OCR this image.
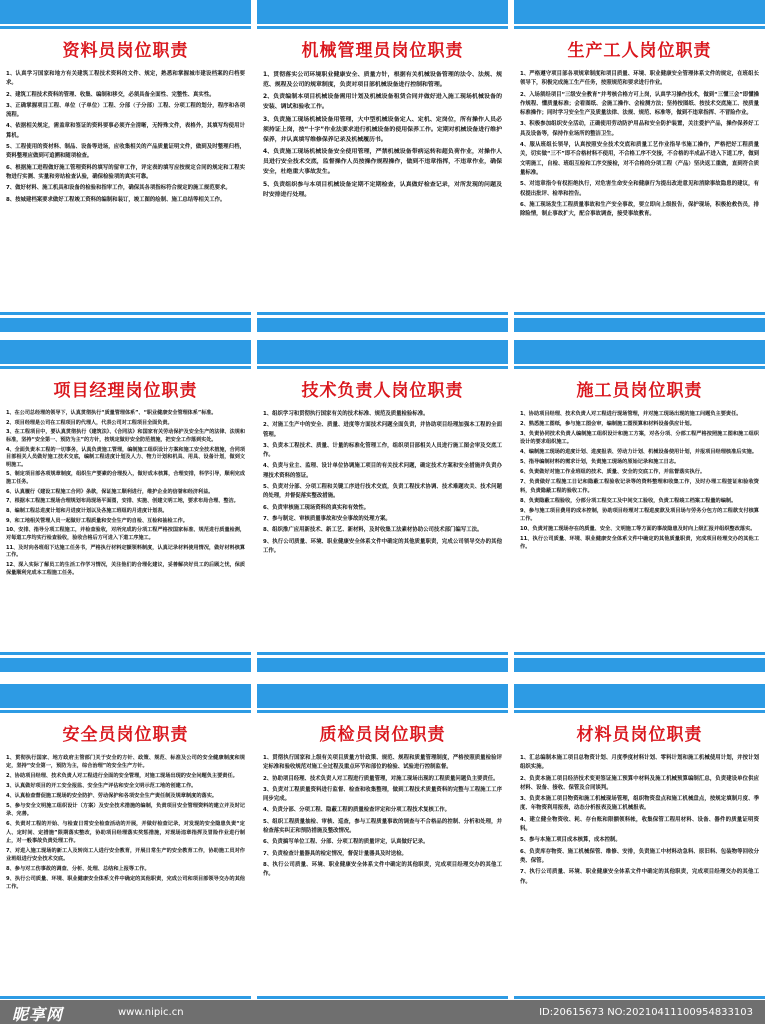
资料员岗位职责
1、认真学习国家和地方有关建筑工程技术资料的文件、规定，熟悉和掌握城市建设档案的归档要求。
2、建筑工程技术资料的管理、收集、编制和移交，必须具备全面性、完整性、真实性。
3、正确掌握项目工程、单位（子单位）工程、分部（子分部）工程、分项工程的划分，程序和各项流程。
4、依据相关规定，需盖章和签证的资料要事必须齐全清晰，无特殊文件，表格外，其填写均使用计算机。
5、工程使用的资材料、制品、设备等进场，应收集相关的产品质量证明文件，做到及时整理归档，资料整理应做到可追溯和随项检查。
6、根据施工进程做好施工管理资料的填写的留审工作，评定表的填写应按规定合同的规定和工程实物进行实测、实量和旁站检查认验，确保检验项的真实可靠。
7、做好材料、施工机具和设备的检验和指审工作，确保其各项指标符合规定的施工规范要求。
8、按城建档案要求做好工程竣工资料的编制和装订，竣工图的绘制、施工总结等相关工作。
机械管理员岗位职责
1、贯彻落实公司环境职业健康安全、质量方针，根据有关机械设备管理的法令、法规、规范、规程及公司的规章制度，负责对项目部机械设备进行控制和管理。
2、负责编制本项目机械设备需用计划及机械设备租赁合同并做好进入施工现场机械设备的安装、调试和验收工作。
3、负责施工现场机械设备用管理，大中型机械设备定人、定机、定岗位，所有操作人员必须持证上岗，按“十字”作业法要求进行机械设备的使用保养工作。定期对机械设备进行维护保养，并认真填写维修保养记录及机械履历书。
4、负责施工现场机械设备安全使用管理，严禁机械设备带病运转和超负荷作业，对操作人员进行安全技术交底，监督操作人员按操作规程操作，做到不违章指挥，不违章作业，确保安全，杜绝重大事故发生。
5、负责组织参与本项目机械设备定期不定期检查，认真做好检查记录，对所发现的问题及时安排进行处理。
生产工人岗位职责
1、严格遵守项目部各项规章制度和项目质量、环境、职业健康安全管理体系文件的规定，在班组长领导下，积极完成施工生产任务，按照规范和要求进行作业。
2、入场须经项目“三级安全教育”并考核合格方可上岗，认真学习操作技术，做到“三懂三会”即懂操作规程、懂质量标准；会看图纸、会施工操作、会检测方法；坚持按图纸、按技术交底施工、按质量标准操作；同时学习安全生产及质量法律、法规、规范、标准等，做到不违章指挥、不冒险作业。
3、积极参加组织安全活动，正确使用劳动防护用品和安全防护装置，关注爱护产品，操作保养好工具及设备等，保持作业场所的整洁卫生。
4、服从班组长领导，认真按照安全技术交底和质量工艺作业指导书施工操作，严格把好工程质量关，切实做“三不”即不合格材料不使用，不合格工序不交接，不合格的半成品不进入下道工序，做到文明施工，自检、班组互检和工序交接检，对不合格的分项工程（产品）坚决返工重做，直到符合质量标准。
5、对违章指令有权拒绝执行，对危害生命安全和健康行为提出改进意见和消除事故隐患的建议，有权提出批评、检举和控告。
6、施工现场发生工程质量事故和生产安全事故，要立即向上级报告，保护现场，积极抢救伤员，排除险情，制止事故扩大，配合事故调查，接受事故教育。
项目经理岗位职责
1、在公司总经理的领导下，认真贯彻执行“质量管理体系”、“职业健康安全管理体系”标准。
2、项目经理是公司在工程项目的代理人，代表公司对工程项目全面负责。
3、在工程项目中，要认真贯彻执行《建筑法》、《合同法》和国家有关劳动保护及安全生产的法律、法规和标准，坚持“安全第一、预防为主”的方针，按规定做好安全防范措施，把安全工作落到实处。
4、全面负责本工程的一切事务，认真负责施工管理，编制施工组织设计方案和施工安全技术措施，合同项目部相关人员做好施工技术交底，编制工程进度计划及人力、物力计划和机具、用具、设备计划，做到文明施工。
5、制定项目部各项规章制度，组织生产要素的合理投入，做好成本核算，合理安排，科学引导，顺利完成施工任务。
6、认真履行《建设工程施工合同》条款，保证施工顺利进行，维护企业的信誉和经济利益。
7、根据本工程施工现场合理规划布局现场平面图，安排、实施、创建文明工地，要求布局合理、整洁。
8、编制工程总进度计划和月进度计划以及各施工班组的月进度计划表。
9、和工地相关管理人员一起做好工程质量和安全生产的自检、互检和抽检工作。
10、安排、指导分项工程施工，并检查验收，对所完成的分项工程严格按国家标准、规范进行质量检测，对每道工序均实行检查验收，验收合格后方可进入下道工序施工。
11、及时向各班组下达施工任务书，严格执行材料定额领料制度，认真记录材料使用情况，做好材料核算工作。
12、深入实际了解员工的生活工作学习情况，关注他们的合理化建议，妥善解决好员工的后顾之忧，保质保量顺利完成本工程施工任务。
技术负责人岗位职责
1、组织学习和贯彻执行国家有关的技术标准、规范及质量检验标准。
2、对施工生产中的安全、质量、进度等方面技术问题全面负责，并协助项目经理加强本工程的全面管理。
3、负责本工程技术、质量、计量的标准化管理工作，组织项目部相关人员进行施工图会审及交底工作。
4、负责与业主、监理、设计单位协调施工项目的有关技术问题，确定技术方案和安全措施并负责办理技术资料的签证。
5、负责对分部、分项工程和关键工序进行技术交底，负责工程技术协调、技术难题攻关、技术问题的处理，并督促落实整改措施。
6、负责审核施工现场资料的真实和有效性。
7、参与制定、审核质量事故和安全事故的处理方案。
8、组织推广应用新技术、新工艺、新材料，及时收集工法素材协助公司技术部门编写工法。
9、执行公司质量、环境、职业健康安全体系文件中确定的其他质量职责，完成公司领导交办的其他工作。
施工员岗位职责
1、协助项目经理、技术负责人对工程进行现场管理，并对施工现场出现的施工问题负主要责任。
2、熟悉施工图纸，参与施工图会审，编制施工图预算和材料设备供应计划。
3、负责协同技术负责人编制施工组织设计和施工方案，对各分项、分部工程严格按照施工图和施工组织设计的要求组织施工。
4、编制施工现场的进度计划、进度报表、劳动力计划、机械设备使用计划，并报项目经理核准后实施。
5、指导编制材料的需求计划，负责施工现场的原始记录和施工日志。
6、负责做好对施工作业班组的技术、质量、安全的交底工作，并监督落实执行。
7、负责做好工程施工日记和隐蔽工程验收记录等的资料整理和收集工作，及时办理工程签证和验收资料，负责隐蔽工程的验收工作。
8、负责隐蔽工程验收，分部分项工程交工及中间交工验收，负责工程竣工档案工程量的编制。
9、参与施工项目费用的成本控制，协助项目经理对工程进度款及项目场与劳务分包方的工程款支付核算工作。
10、负责对施工现场存在的质量、安全、文明施工等方面的事故隐患及时向上级汇报并组织整改落实。
11、执行公司质量、环境、职业健康安全体系文件中确定的其他质量职责，完成项目经理交办的其他工作。
安全员岗位职责
1、贯彻执行国家、地方政府主管部门关于安全的方针、政策、规范、标准及公司的安全健康制度和规定，坚持“安全第一，预防为主，综合治理”的安全生产方针。
2、协助项目经理、技术负责人对工程进行全面的安全管理，对施工现场出现的安全问题负主要责任。
3、认真做好项目的开工安全报监、安全生产评估和安全文明示范工地的创建工作。
4、认真检查督促施工现场的安全防护、劳动保护和各项安全生产责任制及规章制度的落实。
5、参与安全文明施工组织设计（方案）及安全技术措施的编制，负责项目安全管理资料的建立并及时记录、完善。
6、负责对工程的开始、与检查日常安全检查活动的开展，并做好检查记录，对发现的安全隐患负责“定人、定时间、定措施”限期落实整改，协助项目经理落实奖惩措施，对现场违章指挥及冒险作业进行制止，对一般事故负责处理工作。
7、对进入施工现场的新工人及转岗工人进行安全教育，开展日常生产的安全教育工作，协助施工员对作业班组进行安全技术交底。
8、参与对工伤事故的调查、分析、处理、总结和上报等工作。
9、执行公司质量、环境、职业健康安全体系文件中确定的其他职责，完成公司和项目部领导交办的其他工作。
质检员岗位职责
1、贯彻执行国家和上级有关项目质量方针政策、规范、规程和质量管理制度，严格按照质量检验评定标准和验收规范对施工全过程及重点环节和部位的检验、试验进行控制监督。
2、协助项目经理、技术负责人对工程进行质量管理，对施工现场出现的工程质量问题负主要责任。
3、负责对工程质量资料进行监督、检查和收集整理，做到工程技术质量资料的完整与工程施工工序同步完成。
4、负责分部、分项工程、隐蔽工程的质量检查评定和分项工程技术复核工作。
5、组织工程质量抽检、审核、巡查，参与工程质量事故的调查与不合格品的控制、分析和处理，并检查落实纠正和预防措施及整改情况。
6、负责搞写单位工程、分部、分项工程的质量评定，认真做好记录。
7、负责检查计量器具的检定情况，督促计量器具及时送检。
8、执行公司质量、环境、职业健康安全体系文件中确定的其他职责，完成项目经理交办的其他工作。
材料员岗位职责
1、汇总编制本施工项目总物资计划、月度季度材料计划、零料计划和施工机械使用计划，并按计划组织实施。
2、负责本施工项目经济技术变更签证施工预算中材料及施工机械预算编制汇总，负责建设单位供应材料、设备、接收、保管及合同谈判。
3、负责本施工项目物资和施工机械现场管理，组织物资盘点和施工机械盘点，按规定填制月度、季度、年物资利用报表，动态分析报表及施工机械报表。
4、建立健全物资收、耗、存台账和限额领料帐，收集保管工程用材料、设备、器件的质量证明资料。
5、参与本施工项目成本核算，成本控制。
6、负责库存物资、施工机械保管、维修、安排，负责施工中材料动急料、原旧料、包装物等回收分类、保管。
7、执行公司质量、环境、职业健康安全体系文件中确定的其他职责，完成项目经理交办的其他工作。
昵享网	www.nipic.cn	ID:20615673 NO:20210411100954833103
